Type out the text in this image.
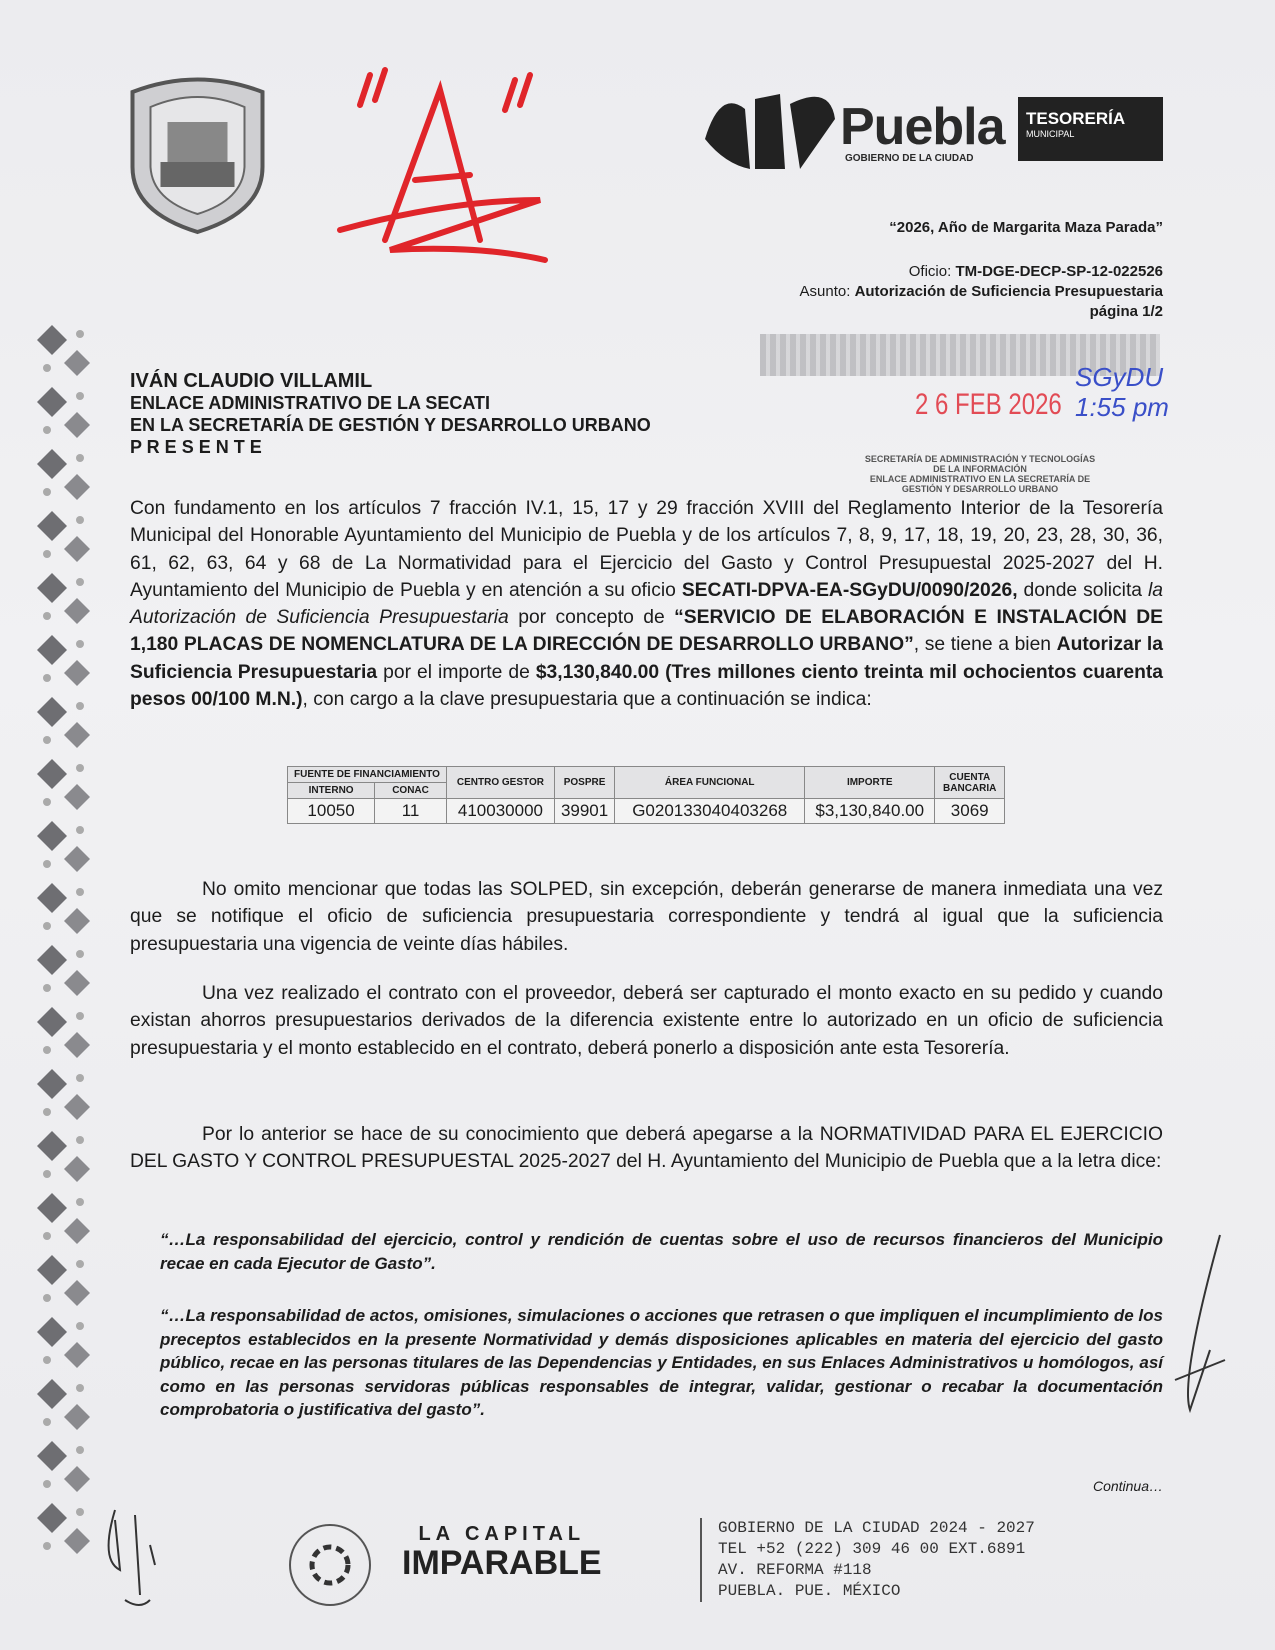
Puebla
GOBIERNO DE LA CIUDAD
TESORERÍA
MUNICIPAL
“2026, Año de Margarita Maza Parada”
Oficio: TM-DGE-DECP-SP-12-022526
Asunto: Autorización de Suficiencia Presupuestaria
página 1/2
2 6 FEB 2026
SGyDU 1:55 pm
SECRETARÍA DE ADMINISTRACIÓN Y TECNOLOGÍAS
DE LA INFORMACIÓN
ENLACE ADMINISTRATIVO EN LA SECRETARÍA DE
GESTIÓN Y DESARROLLO URBANO
IVÁN CLAUDIO VILLAMIL
ENLACE ADMINISTRATIVO DE LA SECATI
EN LA SECRETARÍA DE GESTIÓN Y DESARROLLO URBANO
P R E S E N T E

Con fundamento en los artículos 7 fracción IV.1, 15, 17 y 29 fracción XVIII del Reglamento Interior de la Tesorería Municipal del Honorable Ayuntamiento del Municipio de Puebla y de los artículos 7, 8, 9, 17, 18, 19, 20, 23, 28, 30, 36, 61, 62, 63, 64 y 68 de La Normatividad para el Ejercicio del Gasto y Control Presupuestal 2025-2027 del H. Ayuntamiento del Municipio de Puebla y en atención a su oficio SECATI-DPVA-EA-SGyDU/0090/2026, donde solicita la Autorización de Suficiencia Presupuestaria por concepto de “SERVICIO DE ELABORACIÓN E INSTALACIÓN DE 1,180 PLACAS DE NOMENCLATURA DE LA DIRECCIÓN DE DESARROLLO URBANO”, se tiene a bien Autorizar la Suficiencia Presupuestaria por el importe de $3,130,840.00 (Tres millones ciento treinta mil ochocientos cuarenta pesos 00/100 M.N.), con cargo a la clave presupuestaria que a continuación se indica:

FUENTE DE FINANCIAMIENTO		CENTRO GESTOR	POSPRE	ÁREA FUNCIONAL	IMPORTE	CUENTA BANCARIA
INTERNO	CONAC					
10050	11	410030000	39901	G020133040403268	$3,130,840.00	3069

No omito mencionar que todas las SOLPED, sin excepción, deberán generarse de manera inmediata una vez que se notifique el oficio de suficiencia presupuestaria correspondiente y tendrá al igual que la suficiencia presupuestaria una vigencia de veinte días hábiles.

Una vez realizado el contrato con el proveedor, deberá ser capturado el monto exacto en su pedido y cuando existan ahorros presupuestarios derivados de la diferencia existente entre lo autorizado en un oficio de suficiencia presupuestaria y el monto establecido en el contrato, deberá ponerlo a disposición ante esta Tesorería.

Por lo anterior se hace de su conocimiento que deberá apegarse a la NORMATIVIDAD PARA EL EJERCICIO DEL GASTO Y CONTROL PRESUPUESTAL 2025-2027 del H. Ayuntamiento del Municipio de Puebla que a la letra dice:

“…La responsabilidad del ejercicio, control y rendición de cuentas sobre el uso de recursos financieros del Municipio recae en cada Ejecutor de Gasto”.

“…La responsabilidad de actos, omisiones, simulaciones o acciones que retrasen o que impliquen el incumplimiento de los preceptos establecidos en la presente Normatividad y demás disposiciones aplicables en materia del ejercicio del gasto público, recae en las personas titulares de las Dependencias y Entidades, en sus Enlaces Administrativos u homólogos, así como en las personas servidoras públicas responsables de integrar, validar, gestionar o recabar la documentación comprobatoria o justificativa del gasto”.

Continua…
LA CAPITAL
IMPARABLE
GOBIERNO DE LA CIUDAD 2024 - 2027
TEL +52 (222) 309 46 00 EXT.6891
AV. REFORMA #118
PUEBLA. PUE. MÉXICO
